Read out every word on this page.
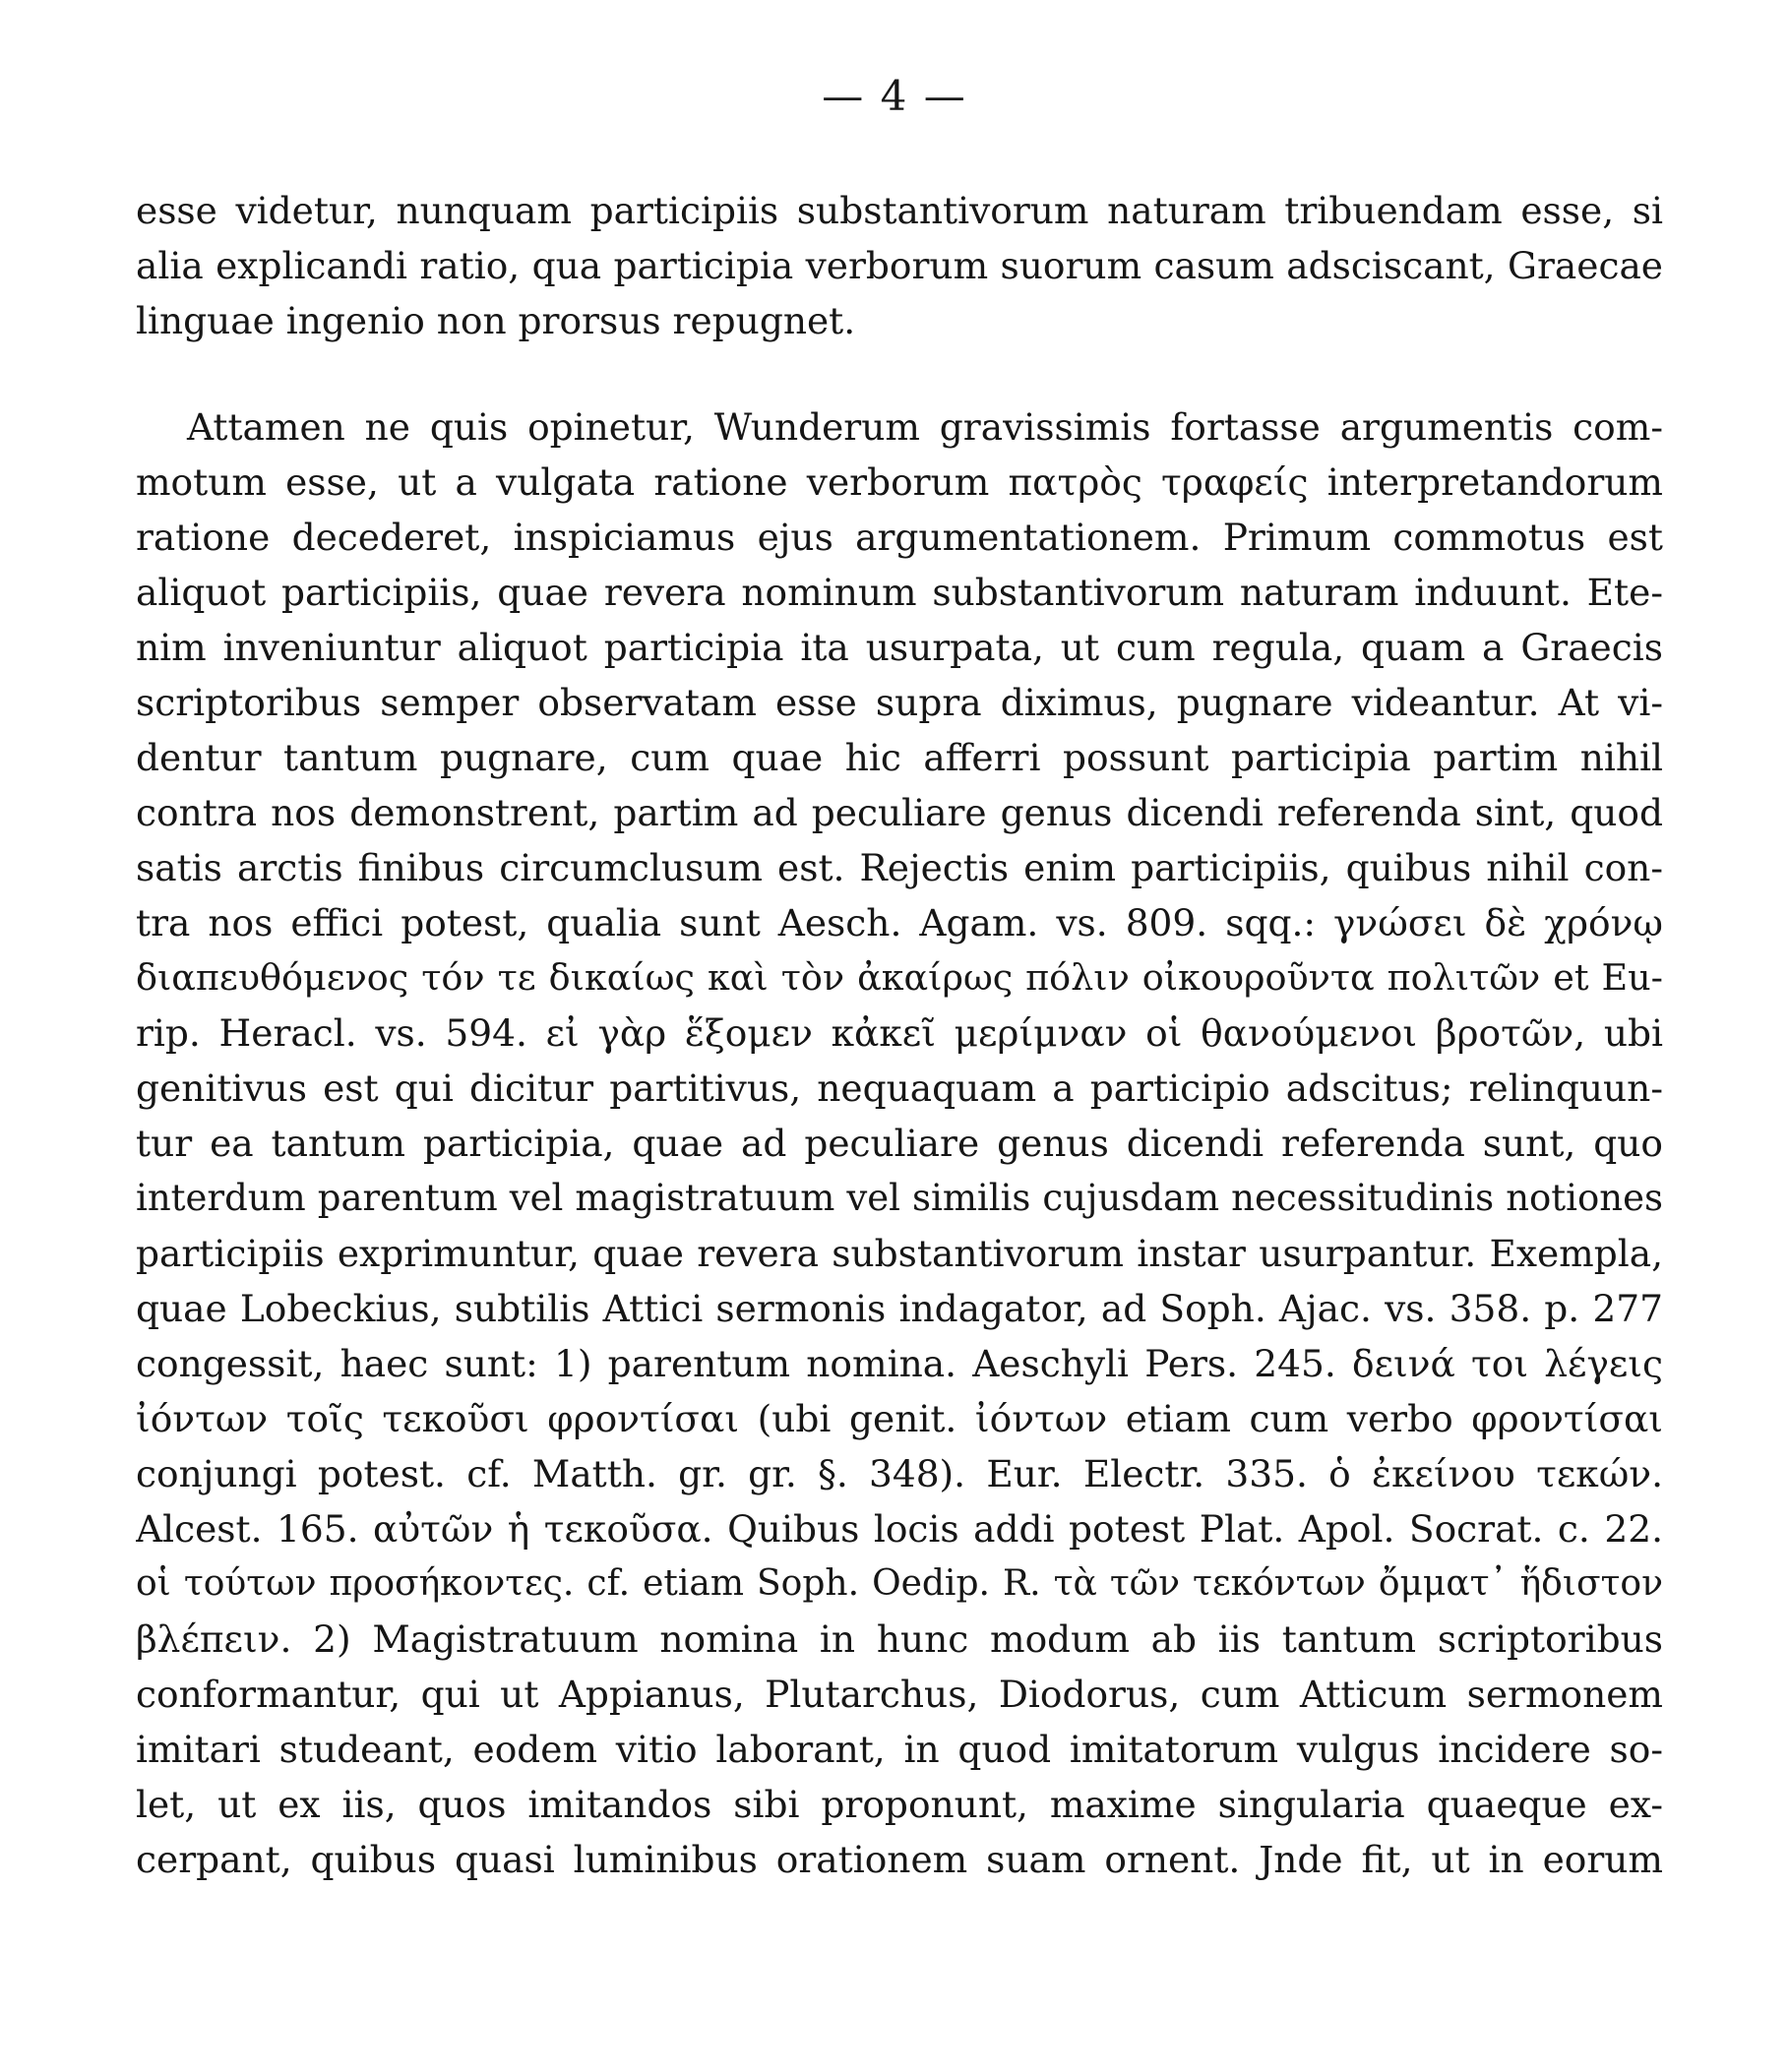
— 4 —
esse videtur, nunquam participiis substantivorum naturam tribuendam esse, si
alia explicandi ratio, qua participia verborum suorum casum adsciscant, Graecae
linguae ingenio non prorsus repugnet.
Attamen ne quis opinetur, Wunderum gravissimis fortasse argumentis com-
motum esse, ut a vulgata ratione verborum πατρὸς τραφείς interpretandorum
ratione decederet, inspiciamus ejus argumentationem. Primum commotus est
aliquot participiis, quae revera nominum substantivorum naturam induunt. Ete-
nim inveniuntur aliquot participia ita usurpata, ut cum regula, quam a Graecis
scriptoribus semper observatam esse supra diximus, pugnare videantur. At vi-
dentur tantum pugnare, cum quae hic afferri possunt participia partim nihil
contra nos demonstrent, partim ad peculiare genus dicendi referenda sint, quod
satis arctis finibus circumclusum est. Rejectis enim participiis, quibus nihil con-
tra nos effici potest, qualia sunt Aesch. Agam. vs. 809. sqq.: γνώσει δὲ χρόνῳ
διαπευθόμενος τόν τε δικαίως καὶ τὸν ἀκαίρως πόλιν οἰκουροῦντα πολιτῶν et Eu-
rip. Heracl. vs. 594. εἰ γὰρ ἕξομεν κἀκεῖ μερίμναν οἱ θανούμενοι βροτῶν, ubi
genitivus est qui dicitur partitivus, nequaquam a participio adscitus; relinquun-
tur ea tantum participia, quae ad peculiare genus dicendi referenda sunt, quo
interdum parentum vel magistratuum vel similis cujusdam necessitudinis notiones
participiis exprimuntur, quae revera substantivorum instar usurpantur. Exempla,
quae Lobeckius, subtilis Attici sermonis indagator, ad Soph. Ajac. vs. 358. p. 277
congessit, haec sunt: 1) parentum nomina. Aeschyli Pers. 245. δεινά τοι λέγεις
ἰόντων τοῖς τεκοῦσι φροντίσαι (ubi genit. ἰόντων etiam cum verbo φροντίσαι
conjungi potest. cf. Matth. gr. gr. §. 348). Eur. Electr. 335. ὁ ἐκείνου τεκών.
Alcest. 165. αὐτῶν ἡ τεκοῦσα. Quibus locis addi potest Plat. Apol. Socrat. c. 22.
οἱ τούτων προσήκοντες. cf. etiam Soph. Oedip. R. τὰ τῶν τεκόντων ὄμματ᾽ ἥδιστον
βλέπειν. 2) Magistratuum nomina in hunc modum ab iis tantum scriptoribus
conformantur, qui ut Appianus, Plutarchus, Diodorus, cum Atticum sermonem
imitari studeant, eodem vitio laborant, in quod imitatorum vulgus incidere so-
let, ut ex iis, quos imitandos sibi proponunt, maxime singularia quaeque ex-
cerpant, quibus quasi luminibus orationem suam ornent. Jnde fit, ut in eorum
